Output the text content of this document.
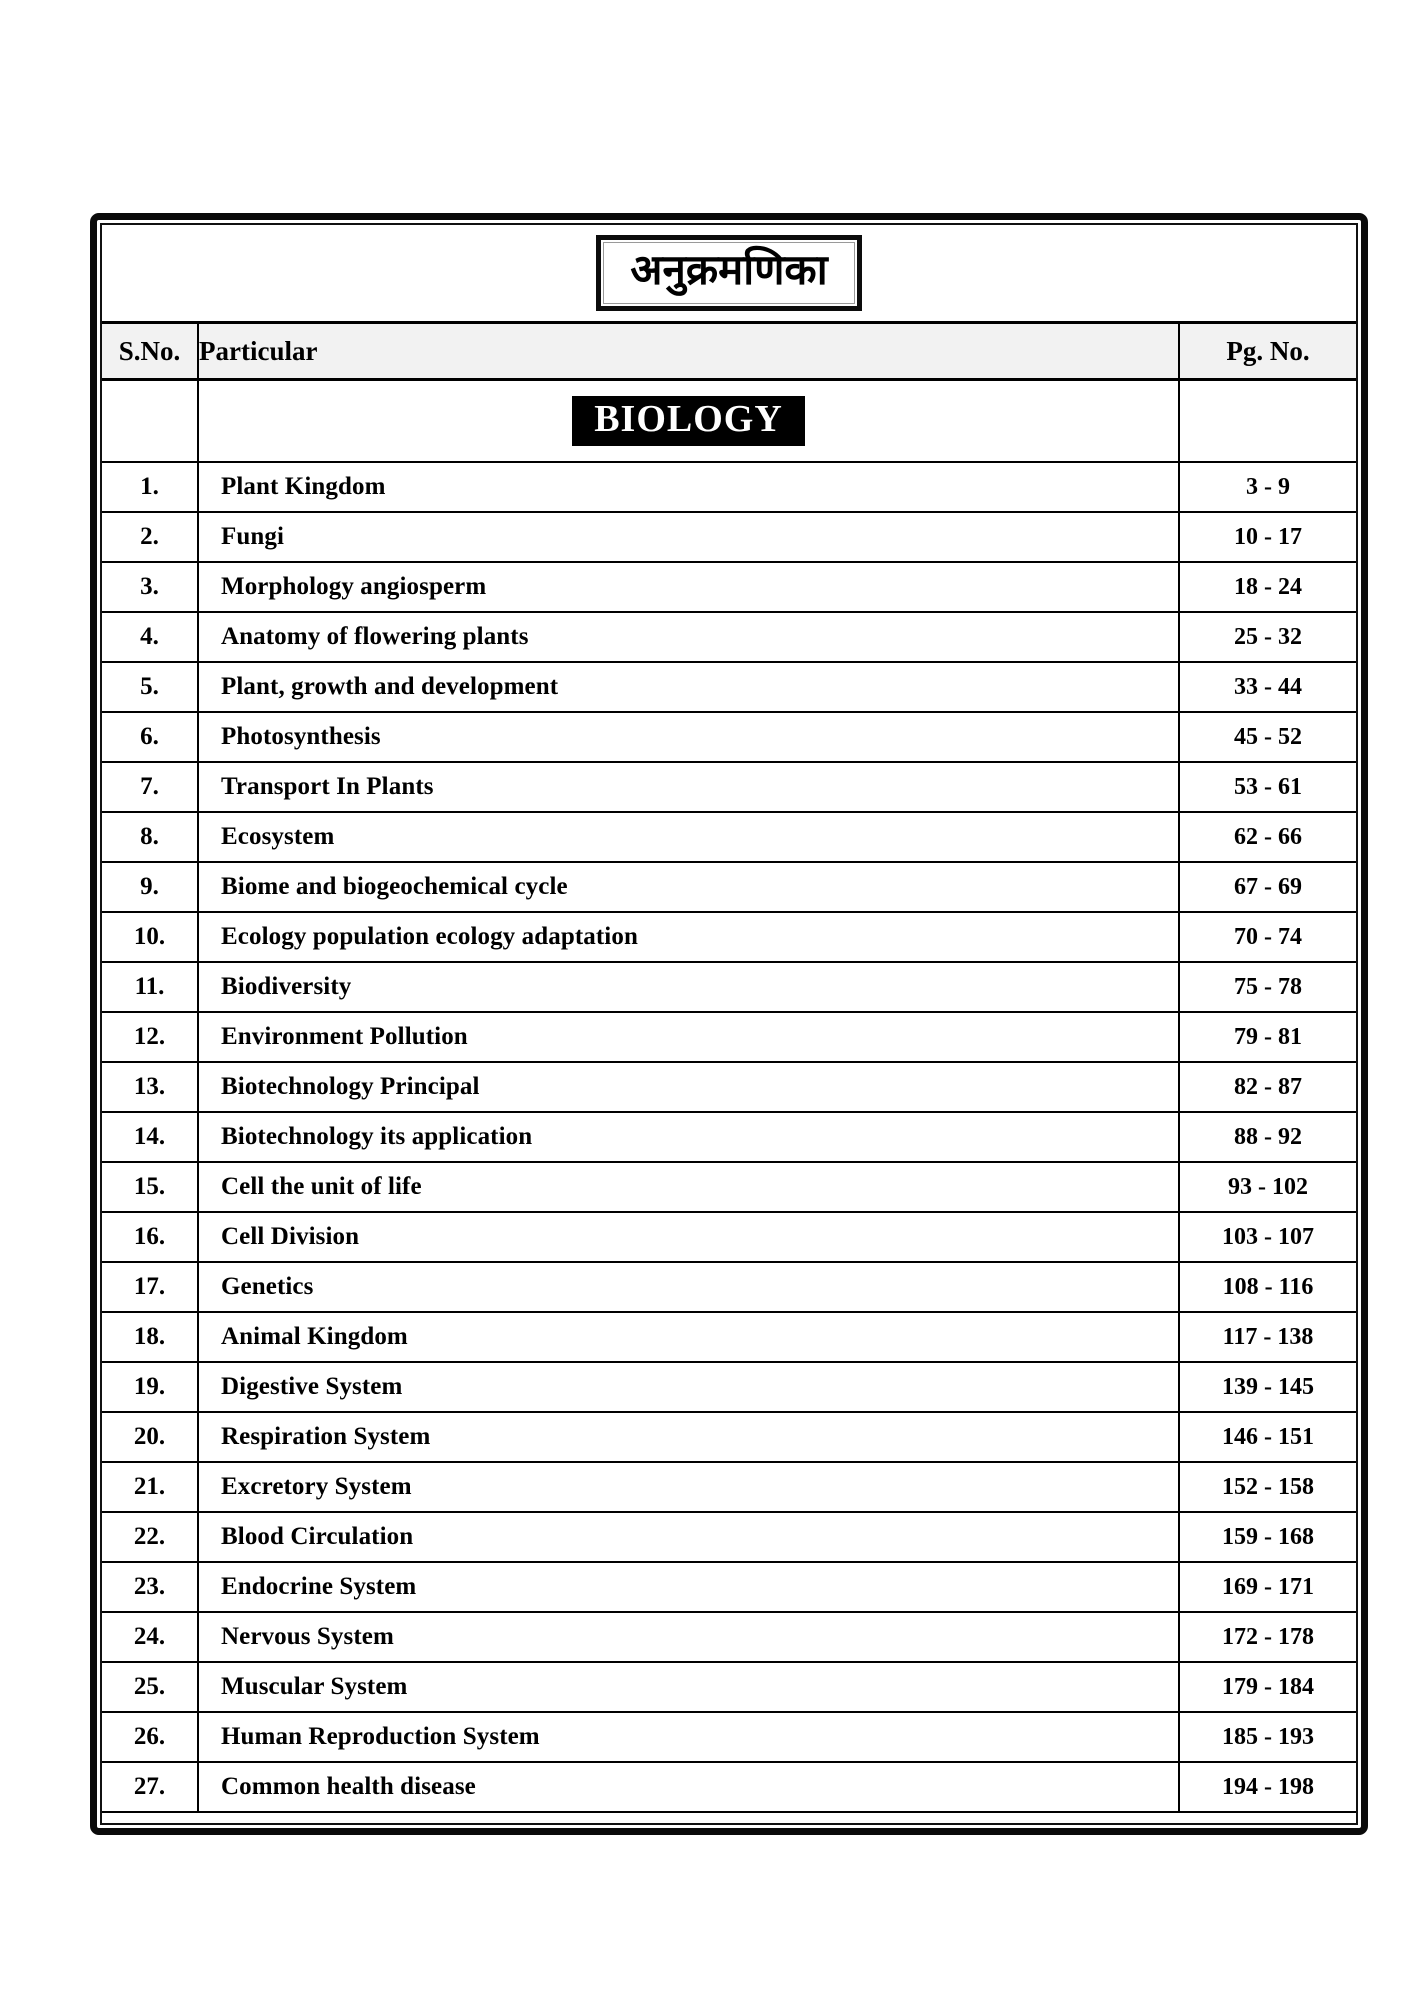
अनुक्रमणिका
S.No.	Particular	Pg. No.

	BIOLOGY	

1.	Plant Kingdom	3 - 9
2.	Fungi	10 - 17
3.	Morphology angiosperm	18 - 24
4.	Anatomy of flowering plants	25 - 32
5.	Plant, growth and development	33 - 44
6.	Photosynthesis	45 - 52
7.	Transport In Plants	53 - 61
8.	Ecosystem	62 - 66
9.	Biome and biogeochemical cycle	67 - 69
10.	Ecology population ecology adaptation	70 - 74
11.	Biodiversity	75 - 78
12.	Environment Pollution	79 - 81
13.	Biotechnology Principal	82 - 87
14.	Biotechnology its application	88 - 92
15.	Cell the unit of life	93 - 102
16.	Cell Division	103 - 107
17.	Genetics	108 - 116
18.	Animal Kingdom	117 - 138
19.	Digestive System	139 - 145
20.	Respiration System	146 - 151
21.	Excretory System	152 - 158
22.	Blood Circulation	159 - 168
23.	Endocrine System	169 - 171
24.	Nervous System	172 - 178
25.	Muscular System	179 - 184
26.	Human Reproduction System	185 - 193
27.	Common health disease	194 - 198
